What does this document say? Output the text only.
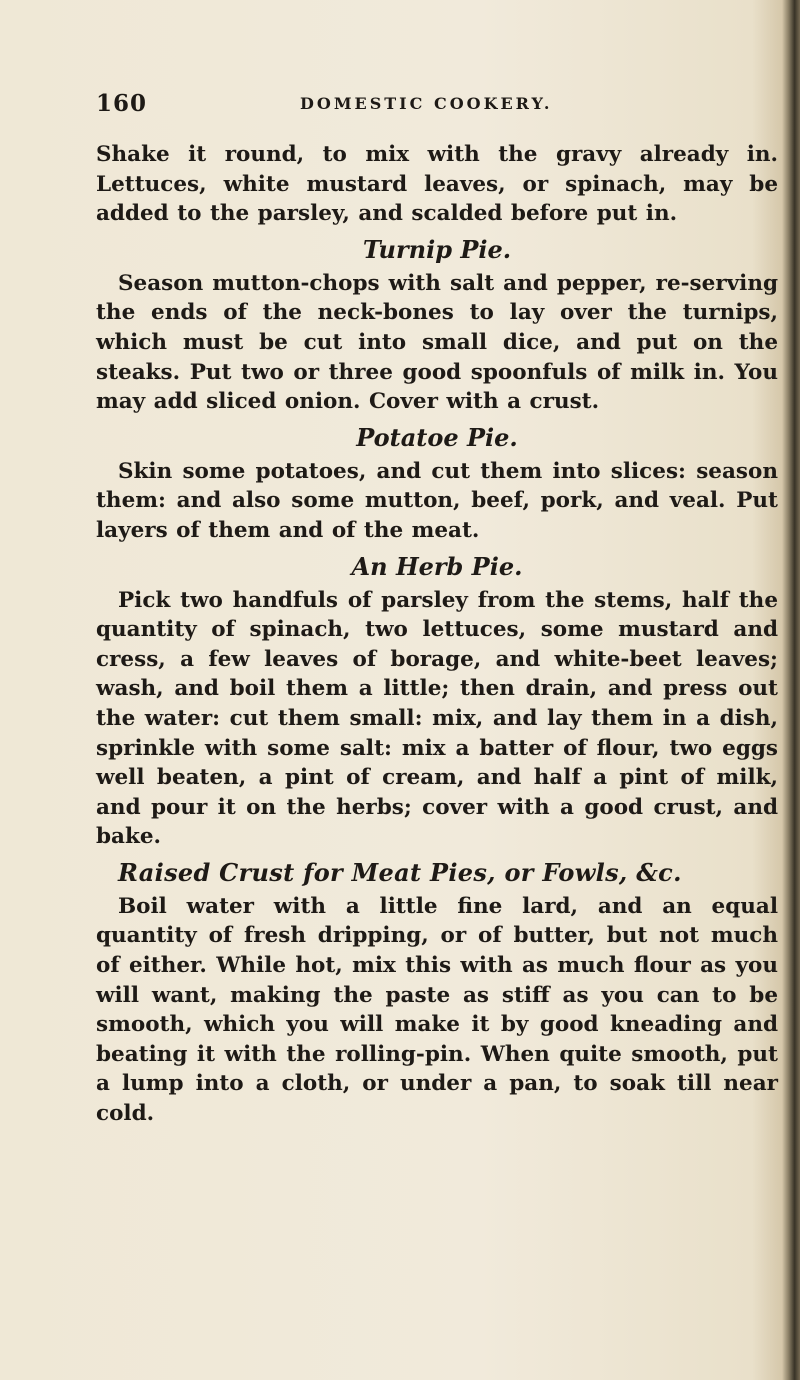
160	DOMESTIC COOKERY.

Shake it round, to mix with the gravy already in. Lettuces, white mustard leaves, or spinach, may be added to the parsley, and scalded before put in.

Turnip Pie.

Season mutton-chops with salt and pepper, re-serving the ends of the neck-bones to lay over the turnips, which must be cut into small dice, and put on the steaks. Put two or three good spoonfuls of milk in. You may add sliced onion. Cover with a crust.

Potatoe Pie.

Skin some potatoes, and cut them into slices: season them: and also some mutton, beef, pork, and veal. Put layers of them and of the meat.

An Herb Pie.

Pick two handfuls of parsley from the stems, half the quantity of spinach, two lettuces, some mustard and cress, a few leaves of borage, and white-beet leaves; wash, and boil them a little; then drain, and press out the water: cut them small: mix, and lay them in a dish, sprinkle with some salt: mix a batter of flour, two eggs well beaten, a pint of cream, and half a pint of milk, and pour it on the herbs; cover with a good crust, and bake.

Raised Crust for Meat Pies, or Fowls, &c.

Boil water with a little fine lard, and an equal quantity of fresh dripping, or of butter, but not much of either. While hot, mix this with as much flour as you will want, making the paste as stiff as you can to be smooth, which you will make it by good kneading and beating it with the rolling-pin. When quite smooth, put a lump into a cloth, or under a pan, to soak till near cold.
